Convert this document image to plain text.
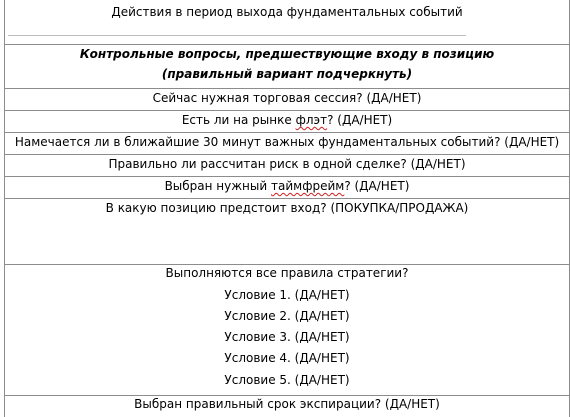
Действия в период выхода фундаментальных событий
Контрольные вопросы, предшествующие входу в позицию
(правильный вариант подчеркнуть)
Сейчас нужная торговая сессия? (ДА/НЕТ)
Есть ли на рынке флэт? (ДА/НЕТ)
Намечается ли в ближайшие 30 минут важных фундаментальных событий? (ДА/НЕТ)
Правильно ли рассчитан риск в одной сделке? (ДА/НЕТ)
Выбран нужный таймфрейм? (ДА/НЕТ)
В какую позицию предстоит вход? (ПОКУПКА/ПРОДАЖА)
Выполняются все правила стратегии?
Условие 1. (ДА/НЕТ)
Условие 2. (ДА/НЕТ)
Условие 3. (ДА/НЕТ)
Условие 4. (ДА/НЕТ)
Условие 5. (ДА/НЕТ)
Выбран правильный срок экспирации? (ДА/НЕТ)
